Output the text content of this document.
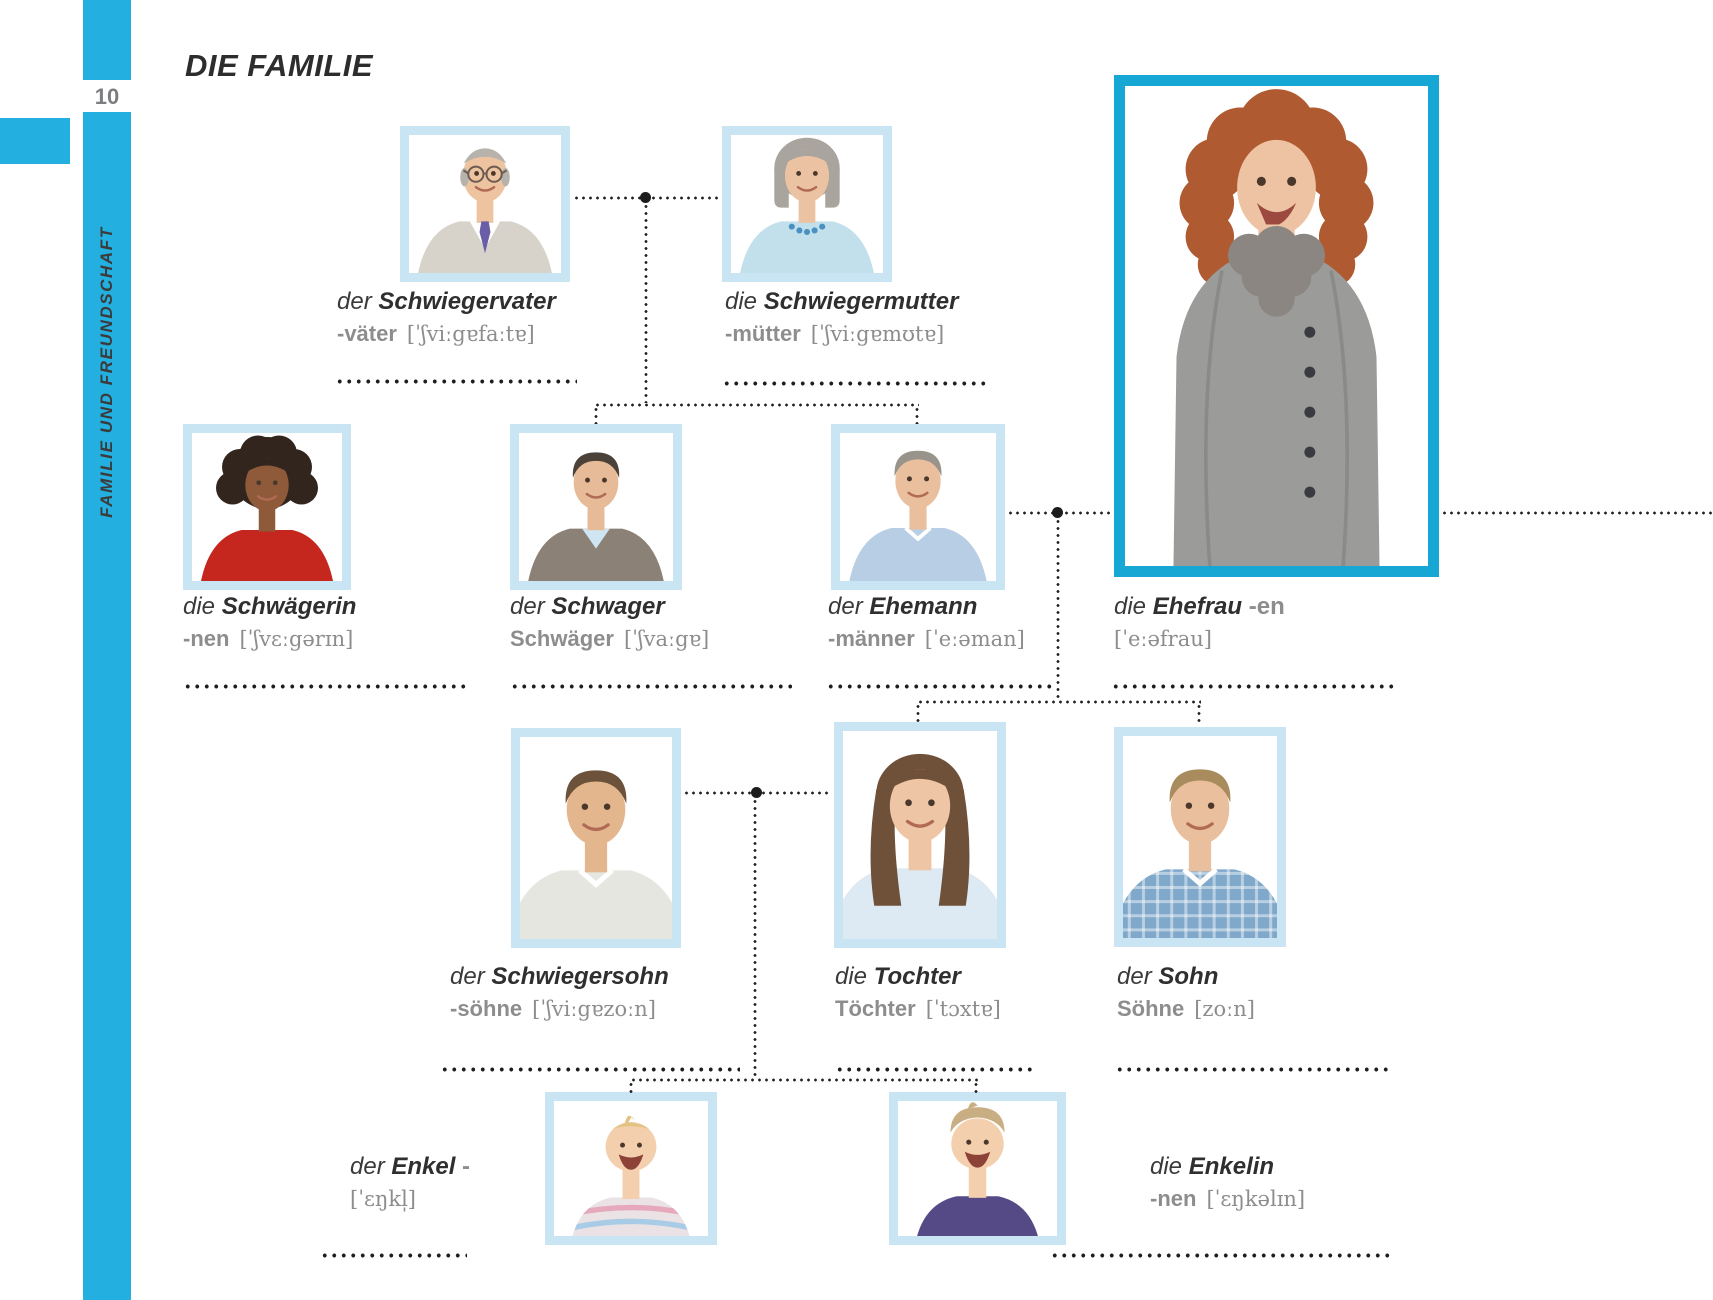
10
FAMILIE UND FREUNDSCHAFT
DIE FAMILIE
der Schwiegervater
-väter [ˈʃviːgɐfaːtɐ]
die Schwiegermutter
-mütter [ˈʃviːgɐmʊtɐ]
die Schwägerin
-nen [ˈʃvɛːgərɪn]
der Schwager
Schwäger [ˈʃvaːgɐ]
der Ehemann
-männer [ˈeːəman]
die Ehefrau -en
[ˈeːəfrau]
der Schwiegersohn
-söhne [ˈʃviːgɐzoːn]
die Tochter
Töchter [ˈtɔxtɐ]
der Sohn
Söhne [zoːn]
der Enkel -
[ˈɛŋkl̩]
die Enkelin
-nen [ˈɛŋkəlɪn]
